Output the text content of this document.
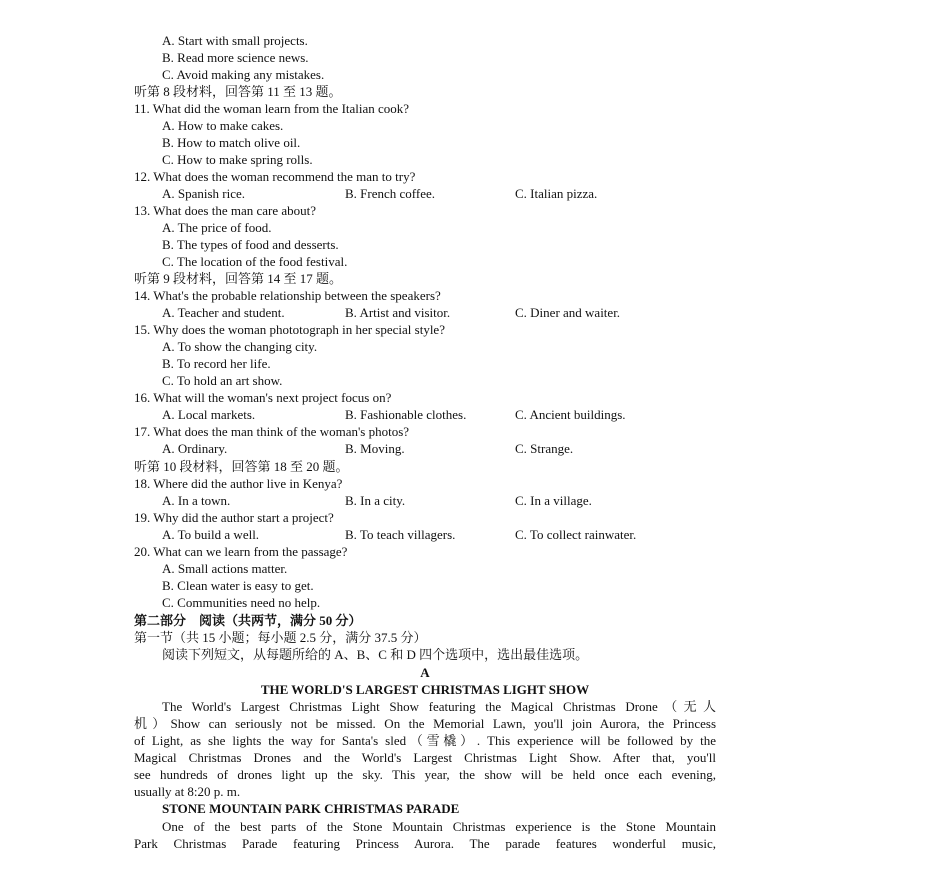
A. Start with small projects.
B. Read more science news.
C. Avoid making any mistakes.
听第 8 段材料，回答第 11 至 13 题。
11. What did the woman learn from the Italian cook?
A. How to make cakes.
B. How to match olive oil.
C. How to make spring rolls.
12. What does the woman recommend the man to try?
A. Spanish rice.	B. French coffee.	C. Italian pizza.
13. What does the man care about?
A. The price of food.
B. The types of food and desserts.
C. The location of the food festival.
听第 9 段材料，回答第 14 至 17 题。
14. What's the probable relationship between the speakers?
A. Teacher and student.	B. Artist and visitor.	C. Diner and waiter.
15. Why does the woman phototograph in her special style?
A. To show the changing city.
B. To record her life.
C. To hold an art show.
16. What will the woman's next project focus on?
A. Local markets.	B. Fashionable clothes.	C. Ancient buildings.
17. What does the man think of the woman's photos?
A. Ordinary.	B. Moving.	C. Strange.
听第 10 段材料，回答第 18 至 20 题。
18. Where did the author live in Kenya?
A. In a town.	B. In a city.	C. In a village.
19. Why did the author start a project?
A. To build a well.	B. To teach villagers.	C. To collect rainwater.
20. What can we learn from the passage?
A. Small actions matter.
B. Clean water is easy to get.
C. Communities need no help.
第二部分　阅读（共两节，满分 50 分）
第一节（共 15 小题；每小题 2.5 分，满分 37.5 分）
阅读下列短文，从每题所给的 A、B、C 和 D 四个选项中，选出最佳选项。
A
THE WORLD'S LARGEST CHRISTMAS LIGHT SHOW
The World's Largest Christmas Light Show featuring the Magical Christmas Drone（无人
机）Show can seriously not be missed. On the Memorial Lawn, you'll join Aurora, the Princess
of Light, as she lights the way for Santa's sled（雪橇）. This experience will be followed by the
Magical Christmas Drones and the World's Largest Christmas Light Show. After that, you'll
see hundreds of drones light up the sky. This year, the show will be held once each evening,
usually at 8:20 p. m.
STONE MOUNTAIN PARK CHRISTMAS PARADE
One of the best parts of the Stone Mountain Christmas experience is the Stone Mountain
Park Christmas Parade featuring Princess Aurora. The parade features wonderful music,
